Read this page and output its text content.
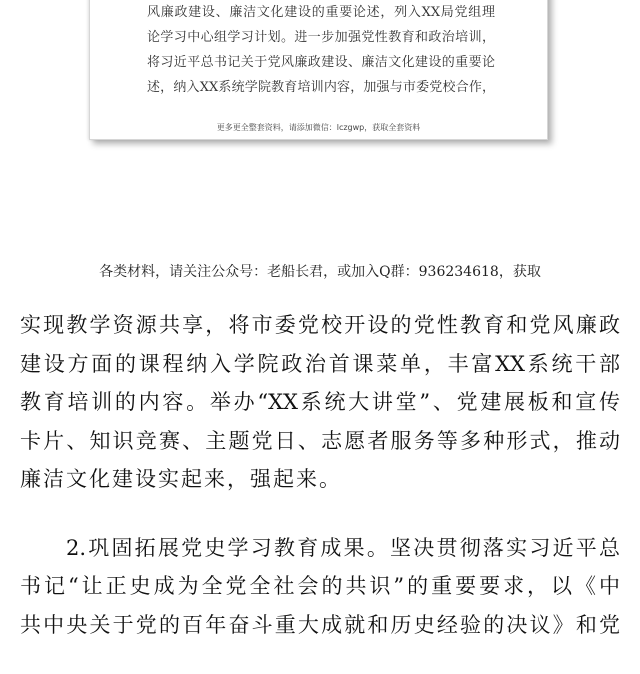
风廉政建设、廉洁文化建设的重要论述，列入XX局党组理
论学习中心组学习计划。进一步加强党性教育和政治培训，
将习近平总书记关于党风廉政建设、廉洁文化建设的重要论
述，纳入XX系统学院教育培训内容，加强与市委党校合作，
更多更全整套资料，请添加微信：lczgwp，获取全套资料
各类材料，请关注公众号：老船长君，或加入Q群：936234618，获取
实现教学资源共享，将市委党校开设的党性教育和党风廉政
建设方面的课程纳入学院政治首课菜单，丰富XX系统干部
教育培训的内容。举办“XX系统大讲堂”、党建展板和宣传
卡片、知识竞赛、主题党日、志愿者服务等多种形式，推动
廉洁文化建设实起来，强起来。
2.巩固拓展党史学习教育成果。坚决贯彻落实习近平总
书记“让正史成为全党全社会的共识”的重要要求，以《中
共中央关于党的百年奋斗重大成就和历史经验的决议》和党
